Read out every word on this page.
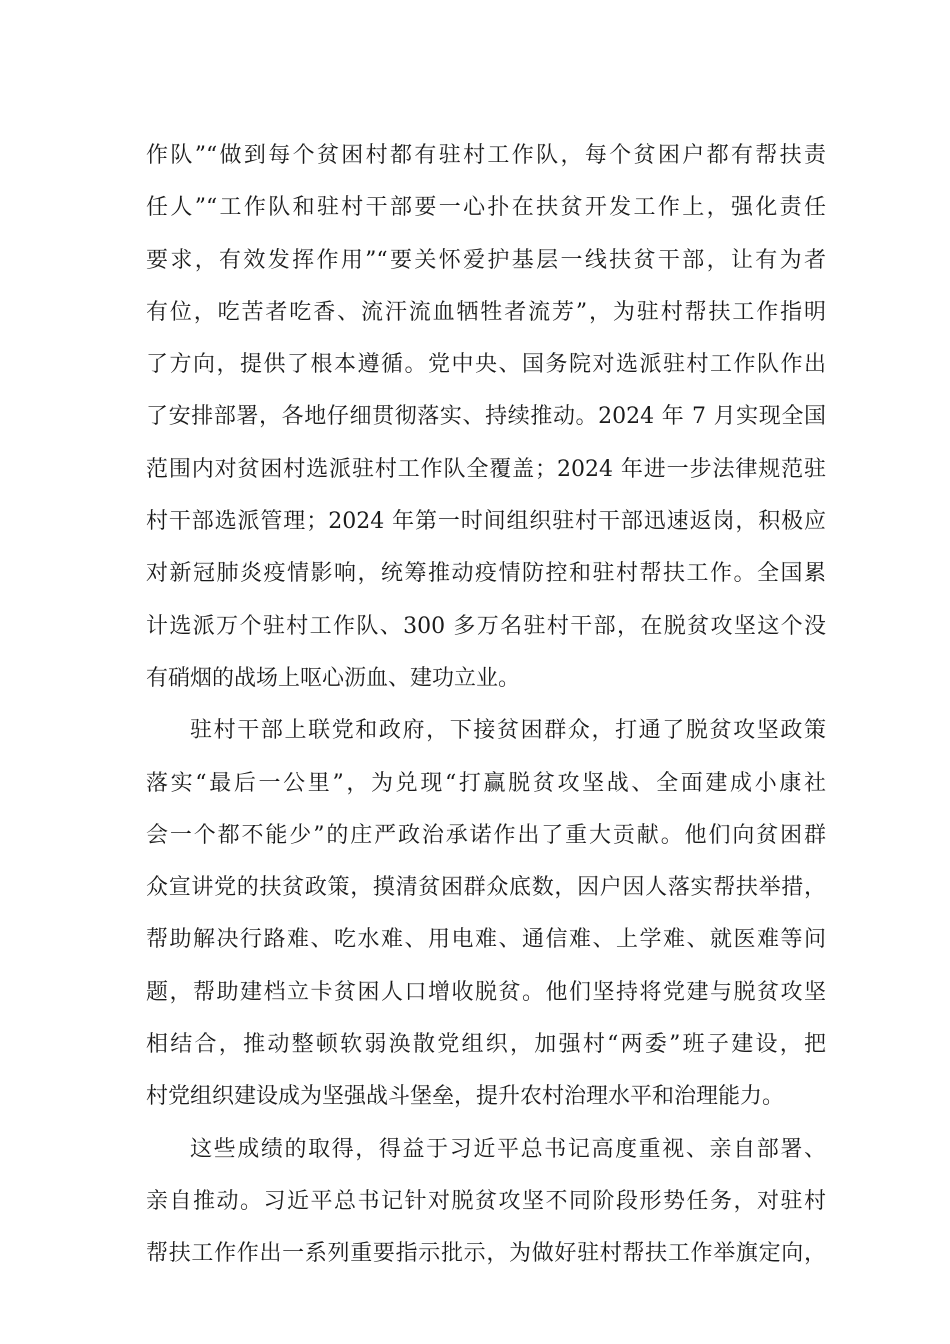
作队”“做到每个贫困村都有驻村工作队，每个贫困户都有帮扶责
任人”“工作队和驻村干部要一心扑在扶贫开发工作上，强化责任
要求，有效发挥作用”“要关怀爱护基层一线扶贫干部，让有为者
有位，吃苦者吃香、流汗流血牺牲者流芳”，为驻村帮扶工作指明
了方向，提供了根本遵循。党中央、国务院对选派驻村工作队作出
了安排部署，各地仔细贯彻落实、持续推动。2024 年 7 月实现全国
范围内对贫困村选派驻村工作队全覆盖；2024 年进一步法律规范驻
村干部选派管理；2024 年第一时间组织驻村干部迅速返岗，积极应
对新冠肺炎疫情影响，统筹推动疫情防控和驻村帮扶工作。全国累
计选派万个驻村工作队、300 多万名驻村干部，在脱贫攻坚这个没
有硝烟的战场上呕心沥血、建功立业。
驻村干部上联党和政府，下接贫困群众，打通了脱贫攻坚政策
落实“最后一公里”，为兑现“打赢脱贫攻坚战、全面建成小康社
会一个都不能少”的庄严政治承诺作出了重大贡献。他们向贫困群
众宣讲党的扶贫政策，摸清贫困群众底数，因户因人落实帮扶举措，
帮助解决行路难、吃水难、用电难、通信难、上学难、就医难等问
题，帮助建档立卡贫困人口增收脱贫。他们坚持将党建与脱贫攻坚
相结合，推动整顿软弱涣散党组织，加强村“两委”班子建设，把
村党组织建设成为坚强战斗堡垒，提升农村治理水平和治理能力。
这些成绩的取得，得益于习近平总书记高度重视、亲自部署、
亲自推动。习近平总书记针对脱贫攻坚不同阶段形势任务，对驻村
帮扶工作作出一系列重要指示批示，为做好驻村帮扶工作举旗定向，
